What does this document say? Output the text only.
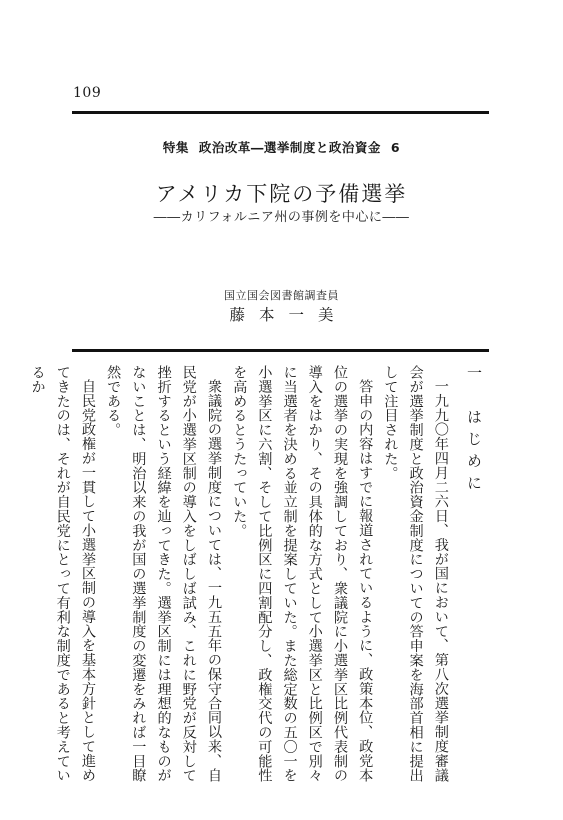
109
特集 政治改革―選挙制度と政治資金 6
アメリカ下院の予備選挙
――カリフォルニア州の事例を中心に――
国立国会図書館調査員
藤本一美
一　はじめに
一九九〇年四月二六日、我が国において、第八次選挙制度審議会が選挙制度と政治資金制度についての答申案を海部首相に提出して注目された。
答申の内容はすでに報道されているように、政策本位、政党本位の選挙の実現を強調しており、衆議院に小選挙区比例代表制の導入をはかり、その具体的な方式として小選挙区と比例区で別々に当選者を決める並立制を提案していた。また総定数の五〇一を小選挙区に六割、そして比例区に四割配分し、政権交代の可能性を高めるとうたっていた。
衆議院の選挙制度については、一九五五年の保守合同以来、自民党が小選挙区制の導入をしばしば試み、これに野党が反対して挫折するという経緯を辿ってきた。選挙区制には理想的なものがないことは、明治以来の我が国の選挙制度の変遷をみれば一目瞭然である。
自民党政権が一貫して小選挙区制の導入を基本方針として進めてきたのは、それが自民党にとって有利な制度であると考えているか
